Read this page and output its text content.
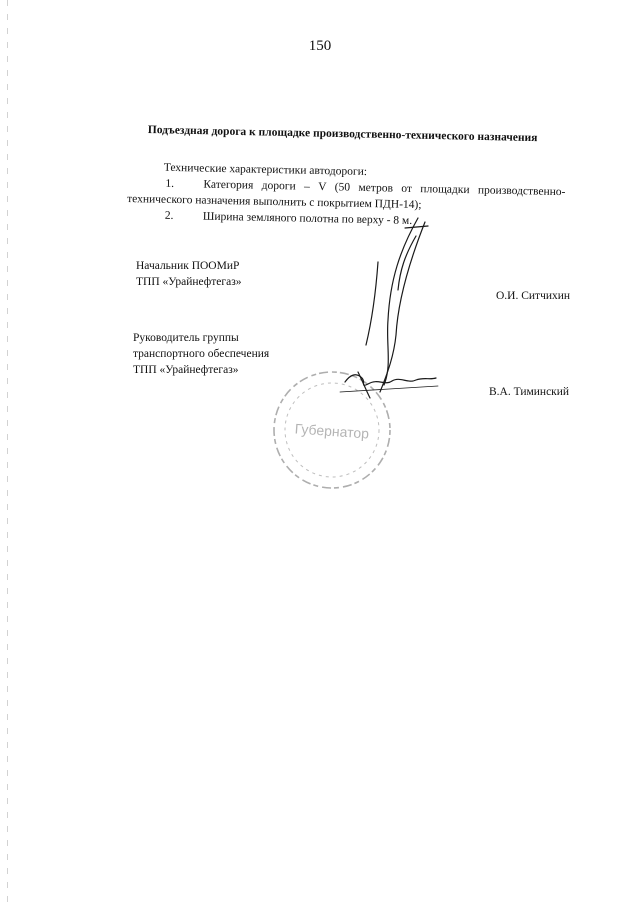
150
Подъездная дорога к площадке производственно-технического назначения
Технические характеристики автодороги:
1.	Категория дороги – V (50 метров от площадки производственно-
технического назначения выполнить с покрытием ПДН-14);
2.	Ширина земляного полотна по верху - 8 м.
Начальник ПООМиР
ТПП «Урайнефтегаз»
О.И. Ситчихин
Руководитель группы
транспортного обеспечения
ТПП «Урайнефтегаз»
В.А. Тиминский
Губернатор
